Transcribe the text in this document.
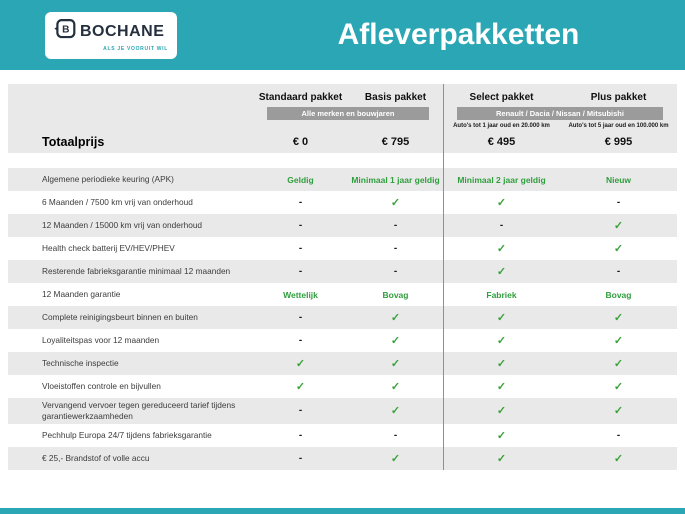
B BOCHANE
ALS JE VOORUIT WIL	Afleverpakketten
Standaard pakket	Basis pakket	Select pakket	Plus pakket
Alle merken en bouwjaren	Renault / Dacia / Nissan / Mitsubishi
Auto's tot 1 jaar oud en 20.000 km	Auto's tot 5 jaar oud en 100.000 km
Totaalprijs	€ 0	€ 795	€ 495	€ 995
Algemene periodieke keuring (APK)	Geldig	Minimaal 1 jaar geldig	Minimaal 2 jaar geldig	Nieuw
6 Maanden / 7500 km vrij van onderhoud	-	✓	✓	-
12 Maanden / 15000 km vrij van onderhoud	-	-	-	✓
Health check batterij EV/HEV/PHEV	-	-	✓	✓
Resterende fabrieksgarantie minimaal 12 maanden	-	-	✓	-
12 Maanden garantie	Wettelijk	Bovag	Fabriek	Bovag
Complete reinigingsbeurt binnen en buiten	-	✓	✓	✓
Loyaliteitspas voor 12 maanden	-	✓	✓	✓
Technische inspectie	✓	✓	✓	✓
Vloeistoffen controle en bijvullen	✓	✓	✓	✓
Vervangend vervoer tegen gereduceerd tarief tijdens garantiewerkzaamheden	-	✓	✓	✓
Pechhulp Europa 24/7 tijdens fabrieksgarantie	-	-	✓	-
€ 25,- Brandstof of volle accu	-	✓	✓	✓
